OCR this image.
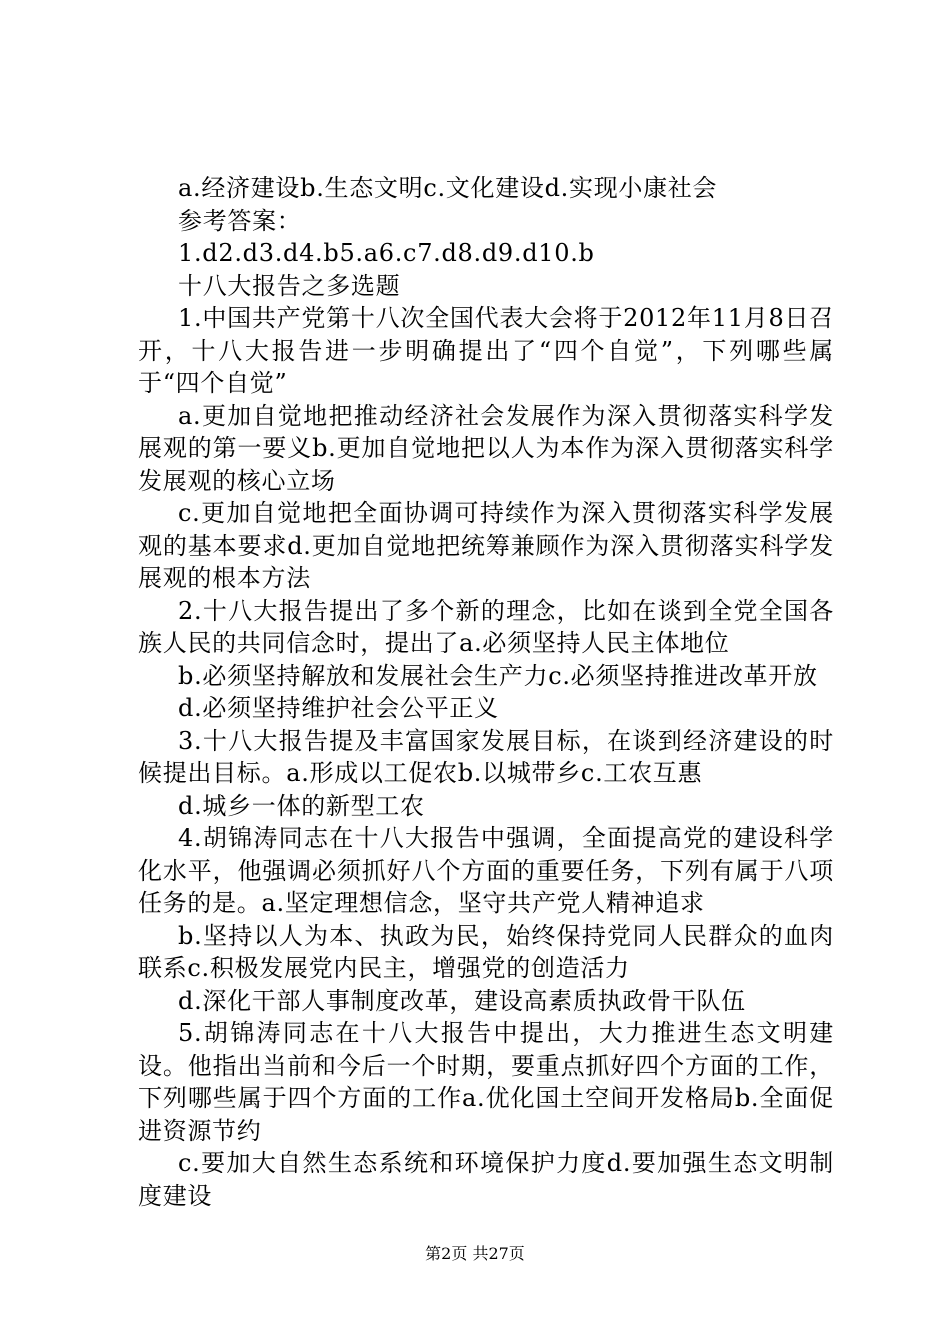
a.经济建设b.生态文明c.文化建设d.实现小康社会

参考答案：

1.d2.d3.d4.b5.a6.c7.d8.d9.d10.b

十八大报告之多选题

1.中国共产党第十八次全国代表大会将于2012年11月8日召开，十八大报告进一步明确提出了“四个自觉”，下列哪些属于“四个自觉”

a.更加自觉地把推动经济社会发展作为深入贯彻落实科学发展观的第一要义b.更加自觉地把以人为本作为深入贯彻落实科学发展观的核心立场

c.更加自觉地把全面协调可持续作为深入贯彻落实科学发展观的基本要求d.更加自觉地把统筹兼顾作为深入贯彻落实科学发展观的根本方法

2.十八大报告提出了多个新的理念，比如在谈到全党全国各族人民的共同信念时，提出了a.必须坚持人民主体地位

b.必须坚持解放和发展社会生产力c.必须坚持推进改革开放

d.必须坚持维护社会公平正义

3.十八大报告提及丰富国家发展目标，在谈到经济建设的时候提出目标。a.形成以工促农b.以城带乡c.工农互惠

d.城乡一体的新型工农

4.胡锦涛同志在十八大报告中强调，全面提高党的建设科学化水平，他强调必须抓好八个方面的重要任务，下列有属于八项任务的是。a.坚定理想信念，坚守共产党人精神追求

b.坚持以人为本、执政为民，始终保持党同人民群众的血肉联系c.积极发展党内民主，增强党的创造活力

d.深化干部人事制度改革，建设高素质执政骨干队伍

5.胡锦涛同志在十八大报告中提出，大力推进生态文明建设。他指出当前和今后一个时期，要重点抓好四个方面的工作，下列哪些属于四个方面的工作a.优化国土空间开发格局b.全面促进资源节约

c.要加大自然生态系统和环境保护力度d.要加强生态文明制度建设

第2页 共27页
